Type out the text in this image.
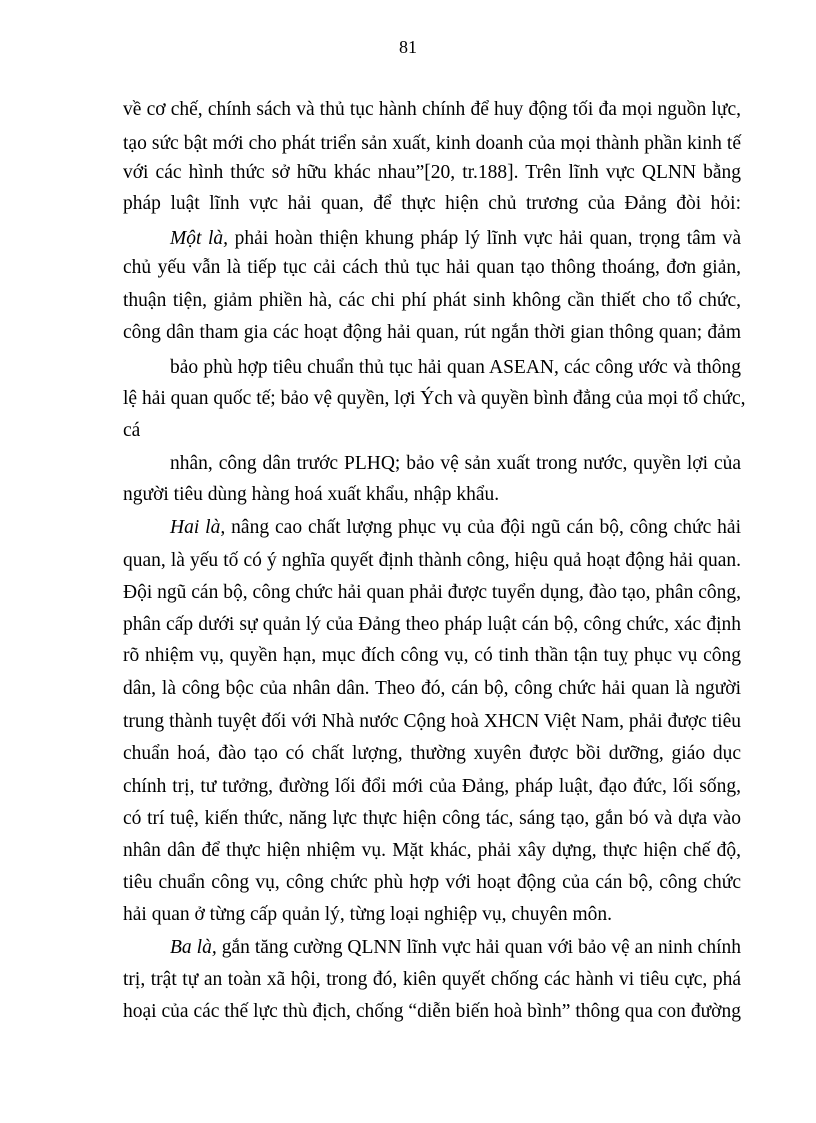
81
về cơ chế, chính sách và thủ tục hành chính để huy động tối đa mọi nguồn lực,
tạo sức bật mới cho phát triển sản xuất, kinh doanh của mọi thành phần kinh tế
với các hình thức sở hữu khác nhau”[20, tr.188]. Trên lĩnh vực QLNN bằng
pháp luật lĩnh vực hải quan, để thực hiện chủ trương của Đảng đòi hỏi:
Một là, phải hoàn thiện khung pháp lý lĩnh vực hải quan, trọng tâm và
chủ yếu vẫn là tiếp tục cải cách thủ tục hải quan tạo thông thoáng, đơn giản,
thuận tiện, giảm phiền hà, các chi phí phát sinh không cần thiết cho tổ chức,
công dân tham gia các hoạt động hải quan, rút ngắn thời gian thông quan; đảm
bảo phù hợp tiêu chuẩn thủ tục hải quan ASEAN, các công ước và thông
lệ hải quan quốc tế; bảo vệ quyền, lợi Ých và quyền bình đẳng của mọi tổ chức,
cá
nhân, công dân trước PLHQ; bảo vệ sản xuất trong nước, quyền lợi của
người tiêu dùng hàng hoá xuất khẩu, nhập khẩu.
Hai là, nâng cao chất lượng phục vụ của đội ngũ cán bộ, công chức hải
quan, là yếu tố có ý nghĩa quyết định thành công, hiệu quả hoạt động hải quan.
Đội ngũ cán bộ, công chức hải quan phải được tuyển dụng, đào tạo, phân công,
phân cấp dưới sự quản lý của Đảng theo pháp luật cán bộ, công chức, xác định
rõ nhiệm vụ, quyền hạn, mục đích công vụ, có tinh thần tận tuỵ phục vụ công
dân, là công bộc của nhân dân. Theo đó, cán bộ, công chức hải quan là người
trung thành tuyệt đối với Nhà nước Cộng hoà XHCN Việt Nam, phải được tiêu
chuẩn hoá, đào tạo có chất lượng, thường xuyên được bồi dưỡng, giáo dục
chính trị, tư tưởng, đường lối đổi mới của Đảng, pháp luật, đạo đức, lối sống,
có trí tuệ, kiến thức, năng lực thực hiện công tác, sáng tạo, gắn bó và dựa vào
nhân dân để thực hiện nhiệm vụ. Mặt khác, phải xây dựng, thực hiện chế độ,
tiêu chuẩn công vụ, công chức phù hợp với hoạt động của cán bộ, công chức
hải quan ở từng cấp quản lý, từng loại nghiệp vụ, chuyên môn.
Ba là, gắn tăng cường QLNN lĩnh vực hải quan với bảo vệ an ninh chính
trị, trật tự an toàn xã hội, trong đó, kiên quyết chống các hành vi tiêu cực, phá
hoại của các thế lực thù địch, chống “diễn biến hoà bình” thông qua con đường
